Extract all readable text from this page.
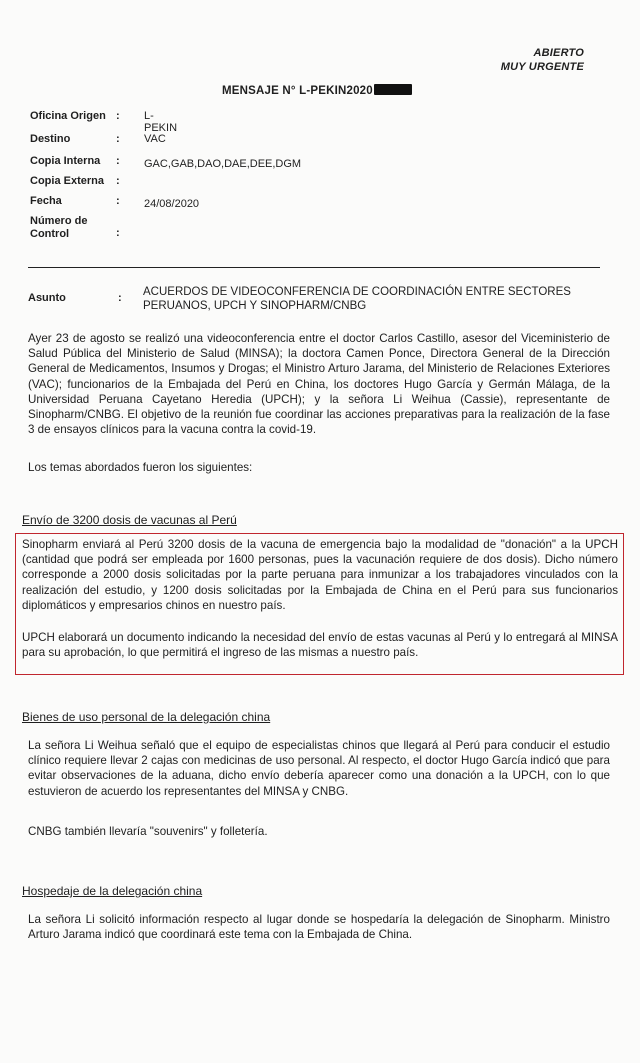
ABIERTO
MUY URGENTE
MENSAJE N° L-PEKIN2020
Oficina Origen : L-PEKIN
Destino	: VAC
Copia Interna	: GAC,GAB,DAO,DAE,DEE,DGM
Copia Externa	:
Fecha	: 24/08/2020
Número de Control	:
Asunto	: ACUERDOS DE VIDEOCONFERENCIA DE COORDINACIÓN ENTRE SECTORES PERUANOS, UPCH Y SINOPHARM/CNBG
Ayer 23 de agosto se realizó una videoconferencia entre el doctor Carlos Castillo, asesor del Viceministerio de Salud Pública del Ministerio de Salud (MINSA); la doctora Camen Ponce, Directora General de la Dirección General de Medicamentos, Insumos y Drogas; el Ministro Arturo Jarama, del Ministerio de Relaciones Exteriores (VAC); funcionarios de la Embajada del Perú en China, los doctores Hugo García y Germán Málaga, de la Universidad Peruana Cayetano Heredia (UPCH); y la señora Li Weihua (Cassie), representante de Sinopharm/CNBG. El objetivo de la reunión fue coordinar las acciones preparativas para la realización de la fase 3 de ensayos clínicos para la vacuna contra la covid-19.
Los temas abordados fueron los siguientes:
Envío de 3200 dosis de vacunas al Perú
Sinopharm enviará al Perú 3200 dosis de la vacuna de emergencia bajo la modalidad de "donación" a la UPCH (cantidad que podrá ser empleada por 1600 personas, pues la vacunación requiere de dos dosis). Dicho número corresponde a 2000 dosis solicitadas por la parte peruana para inmunizar a los trabajadores vinculados con la realización del estudio, y 1200 dosis solicitadas por la Embajada de China en el Perú para sus funcionarios diplomáticos y empresarios chinos en nuestro país.
UPCH elaborará un documento indicando la necesidad del envío de estas vacunas al Perú y lo entregará al MINSA para su aprobación, lo que permitirá el ingreso de las mismas a nuestro país.
Bienes de uso personal de la delegación china
La señora Li Weihua señaló que el equipo de especialistas chinos que llegará al Perú para conducir el estudio clínico requiere llevar 2 cajas con medicinas de uso personal. Al respecto, el doctor Hugo García indicó que para evitar observaciones de la aduana, dicho envío debería aparecer como una donación a la UPCH, con lo que estuvieron de acuerdo los representantes del MINSA y CNBG.
CNBG también llevaría "souvenirs" y folletería.
Hospedaje de la delegación china
La señora Li solicitó información respecto al lugar donde se hospedaría la delegación de Sinopharm. Ministro Arturo Jarama indicó que coordinará este tema con la Embajada de China.
